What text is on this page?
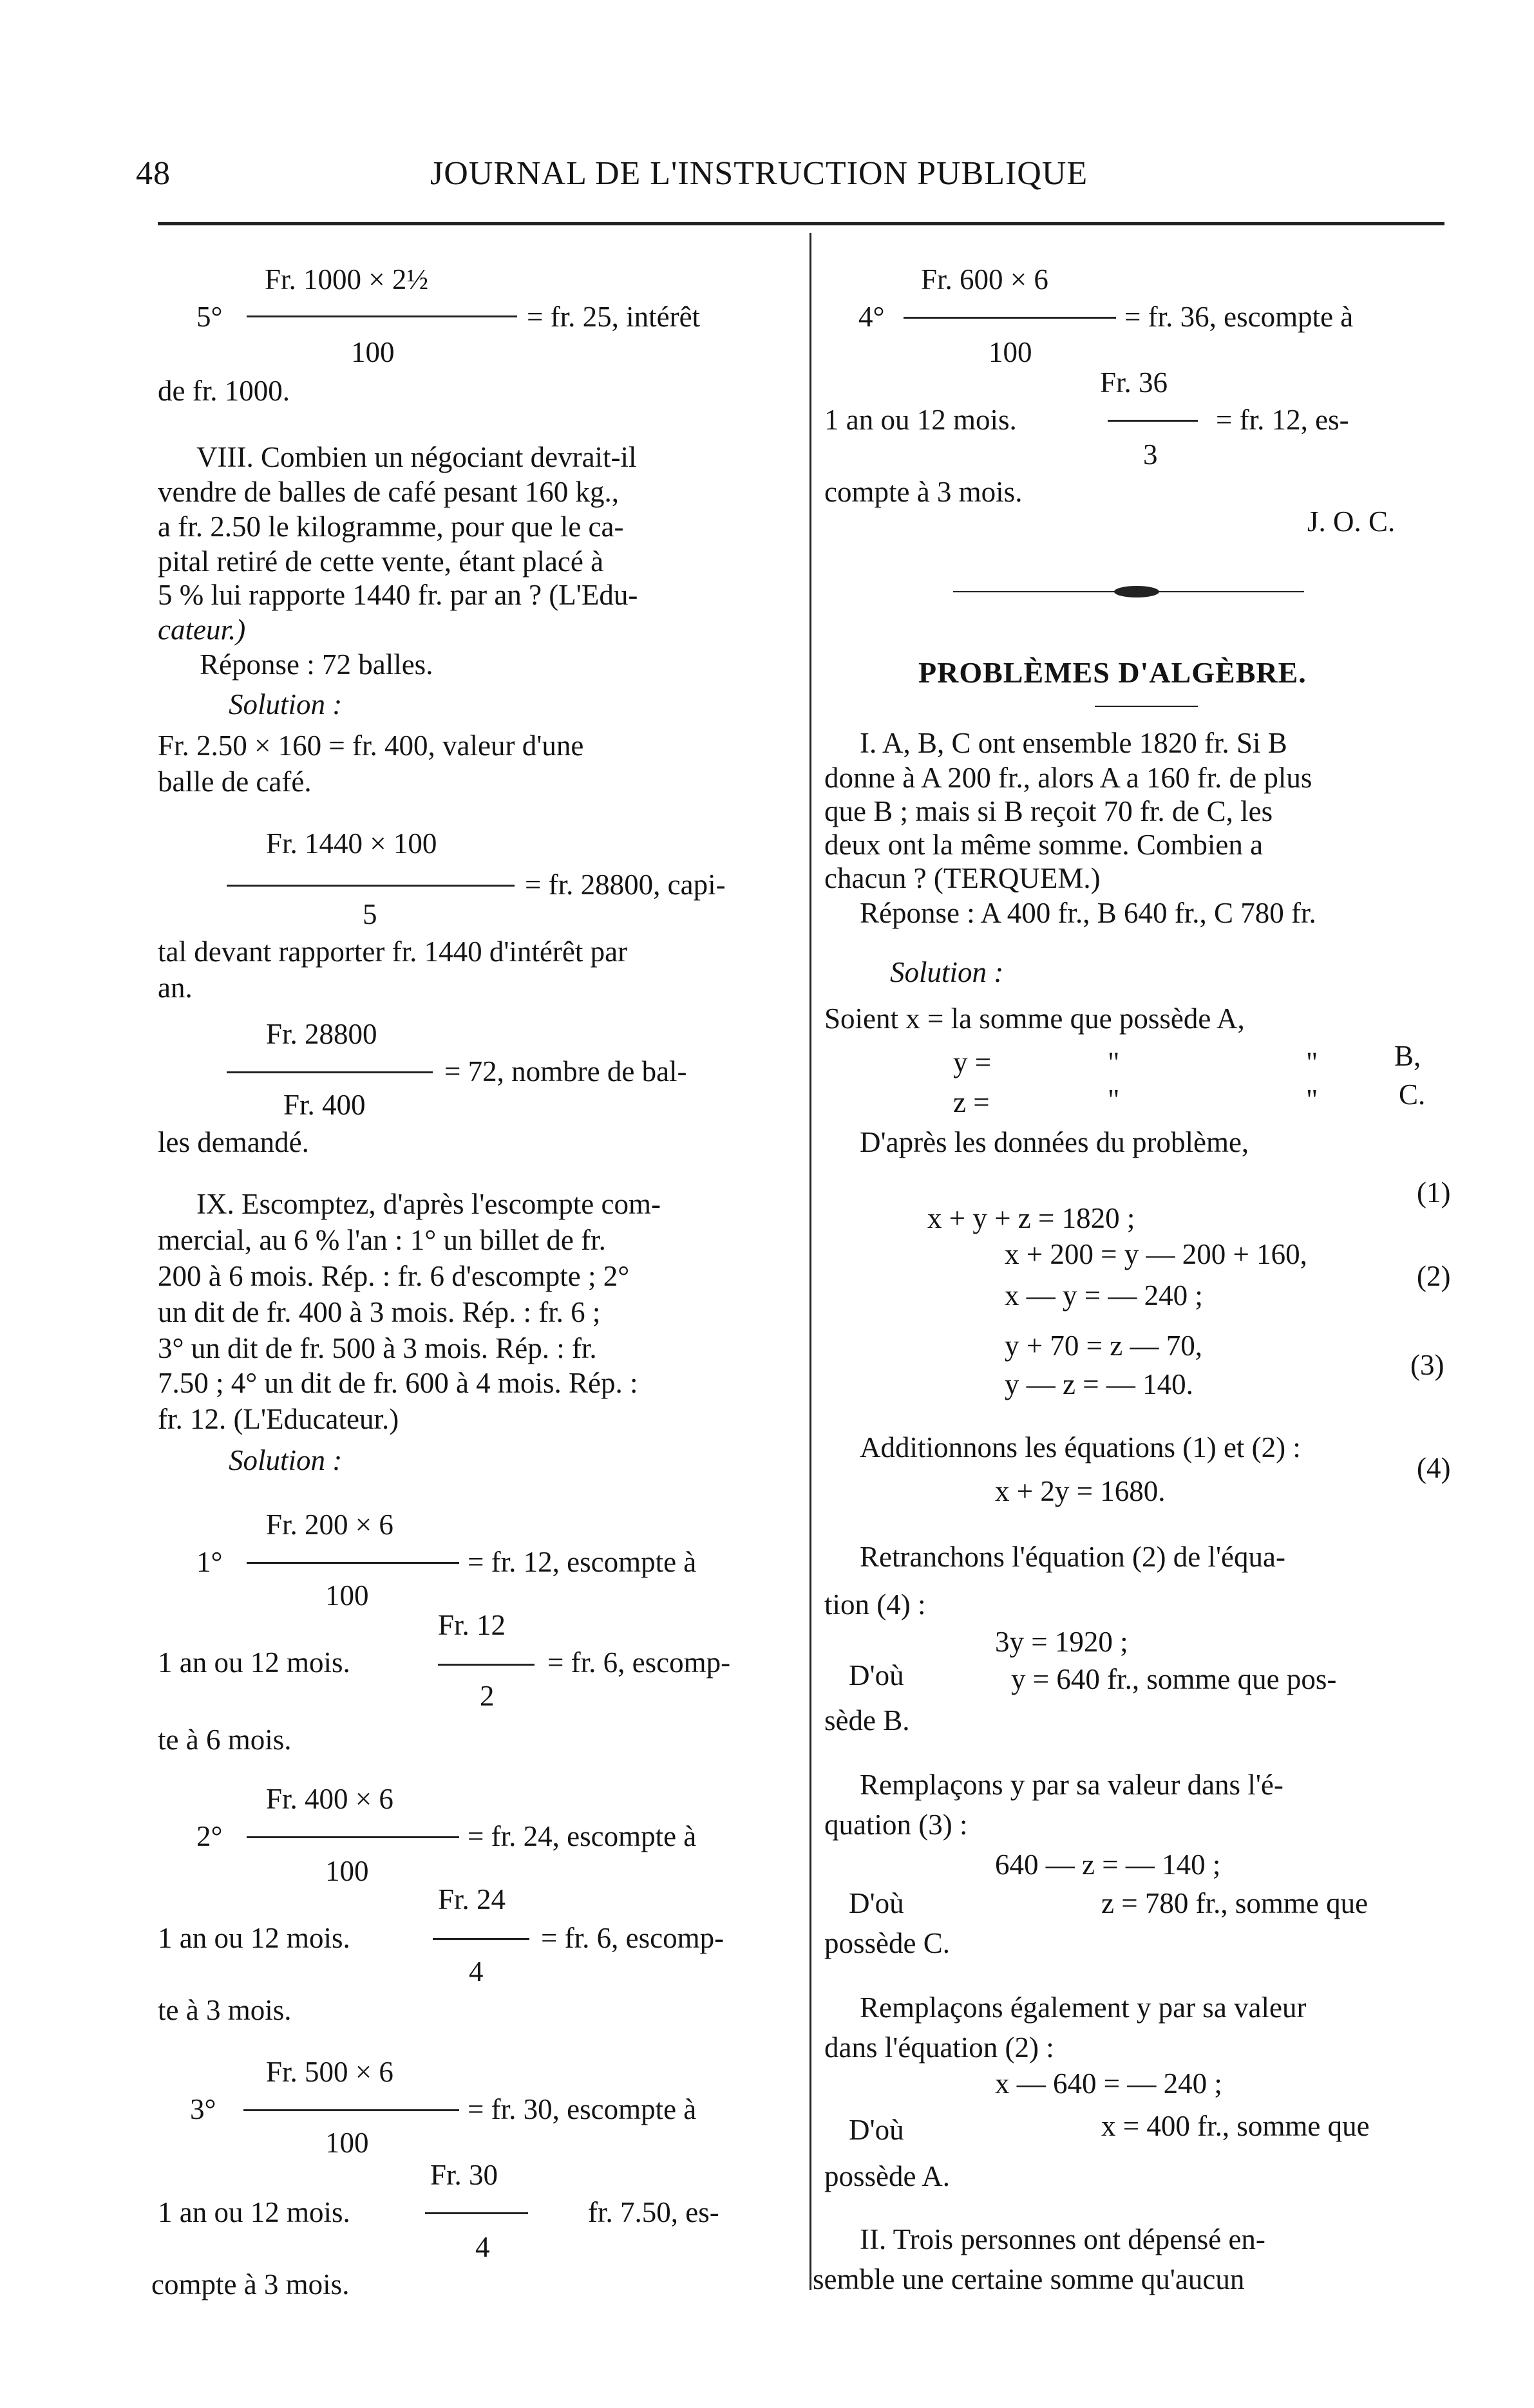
48	JOURNAL DE L'INSTRUCTION PUBLIQUE
Fr. 1000 × 2½
5°	= fr. 25, intérêt
100
de fr. 1000.
VIII. Combien un négociant devrait-il
vendre de balles de café pesant 160 kg.,
a fr. 2.50 le kilogramme, pour que le ca-
pital retiré de cette vente, étant placé à
5 % lui rapporte 1440 fr. par an ? (L'Edu-
cateur.)
Réponse : 72 balles.
Solution :
Fr. 2.50 × 160 = fr. 400, valeur d'une
balle de café.
Fr. 1440 × 100
= fr. 28800, capi-
5
tal devant rapporter fr. 1440 d'intérêt par
an.
Fr. 28800
= 72, nombre de bal-
Fr. 400
les demandé.
IX. Escomptez, d'après l'escompte com-
mercial, au 6 % l'an : 1° un billet de fr.
200 à 6 mois. Rép. : fr. 6 d'escompte ; 2°
un dit de fr. 400 à 3 mois. Rép. : fr. 6 ;
3° un dit de fr. 500 à 3 mois. Rép. : fr.
7.50 ; 4° un dit de fr. 600 à 4 mois. Rép. :
fr. 12. (L'Educateur.)
Solution :
Fr. 200 × 6
1°	= fr. 12, escompte à
100
Fr. 12
1 an ou 12 mois.	= fr. 6, escomp-
2
te à 6 mois.
Fr. 400 × 6
2°	= fr. 24, escompte à
100
Fr. 24
1 an ou 12 mois.	= fr. 6, escomp-
4
te à 3 mois.
Fr. 500 × 6
3°	= fr. 30, escompte à
100
Fr. 30
1 an ou 12 mois.	fr. 7.50, es-
4
compte à 3 mois.
Fr. 600 × 6
4°	= fr. 36, escompte à
100
Fr. 36
1 an ou 12 mois.	= fr. 12, es-
3
compte à 3 mois.
J. O. C.
PROBLÈMES D'ALGÈBRE.
I. A, B, C ont ensemble 1820 fr. Si B
donne à A 200 fr., alors A a 160 fr. de plus
que B ; mais si B reçoit 70 fr. de C, les
deux ont la même somme. Combien a
chacun ? (TERQUEM.)
Réponse : A 400 fr., B 640 fr., C 780 fr.
Solution :
Soient x = la somme que possède A,
y =	"	"	B,
z =	"	"	C.
D'après les données du problème,
x + y + z = 1820 ;
(1)
x + 200 = y — 200 + 160,
x — y = — 240 ;
(2)
y + 70 = z — 70,
y — z = — 140.
(3)
Additionnons les équations (1) et (2) :
x + 2y = 1680.
(4)
Retranchons l'équation (2) de l'équa-
tion (4) :
3y = 1920 ;
D'où	y = 640 fr., somme que pos-
sède B.
Remplaçons y par sa valeur dans l'é-
quation (3) :
640 — z = — 140 ;
D'où	z = 780 fr., somme que
possède C.
Remplaçons également y par sa valeur
dans l'équation (2) :
x — 640 = — 240 ;
D'où	x = 400 fr., somme que
possède A.
II. Trois personnes ont dépensé en-
semble une certaine somme qu'aucun
